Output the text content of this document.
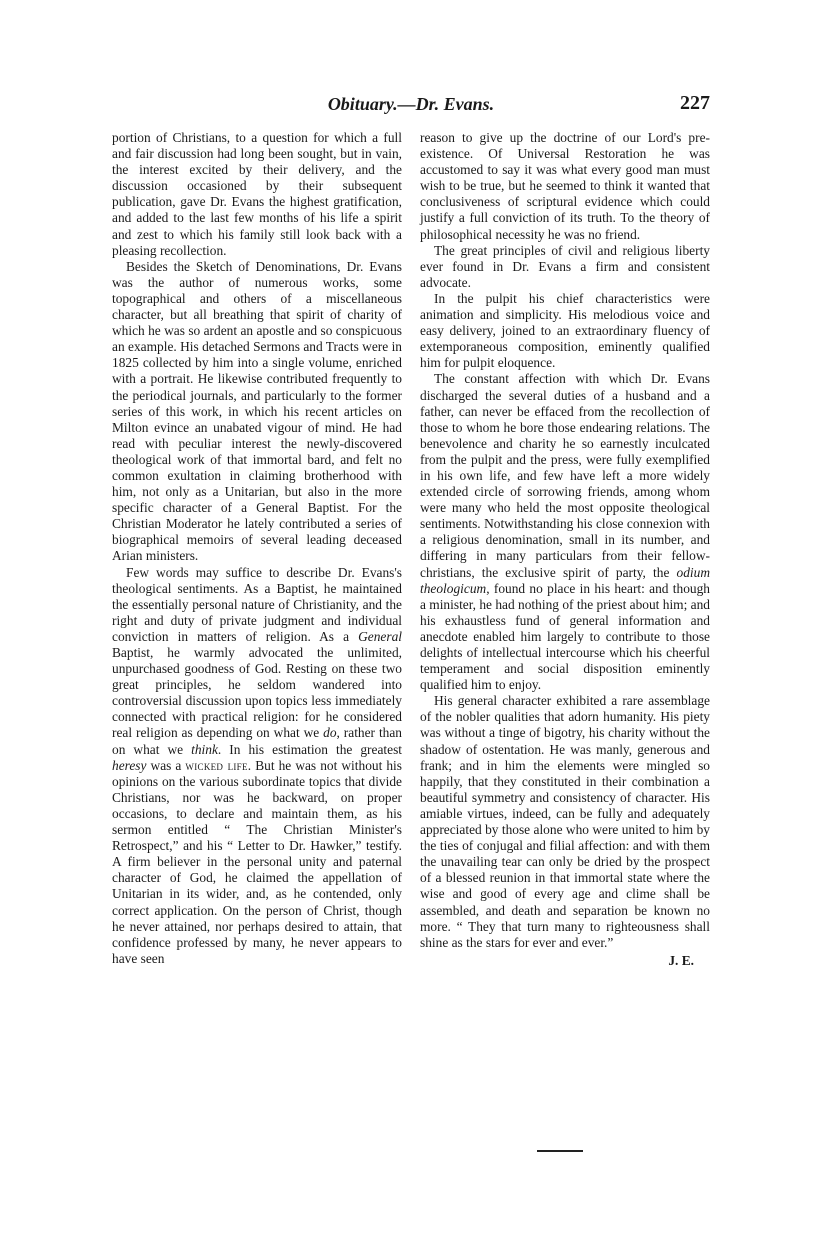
Obituary.—Dr. Evans.	227

portion of Christians, to a question for which a full and fair discussion had long been sought, but in vain, the interest excited by their delivery, and the discussion occasioned by their subsequent publication, gave Dr. Evans the highest gratification, and added to the last few months of his life a spirit and zest to which his family still look back with a pleasing recollection.

Besides the Sketch of Denominations, Dr. Evans was the author of numerous works, some topographical and others of a miscellaneous character, but all breathing that spirit of charity of which he was so ardent an apostle and so conspicuous an example. His detached Sermons and Tracts were in 1825 collected by him into a single volume, enriched with a portrait. He likewise contributed frequently to the periodical journals, and particularly to the former series of this work, in which his recent articles on Milton evince an unabated vigour of mind. He had read with peculiar interest the newly-discovered theological work of that immortal bard, and felt no common exultation in claiming brotherhood with him, not only as a Unitarian, but also in the more specific character of a General Baptist. For the Christian Moderator he lately contributed a series of biographical memoirs of several leading deceased Arian ministers.

Few words may suffice to describe Dr. Evans's theological sentiments. As a Baptist, he maintained the essentially personal nature of Christianity, and the right and duty of private judgment and individual conviction in matters of religion. As a General Baptist, he warmly advocated the unlimited, unpurchased goodness of God. Resting on these two great principles, he seldom wandered into controversial discussion upon topics less immediately connected with practical religion: for he considered real religion as depending on what we do, rather than on what we think. In his estimation the greatest heresy was a wicked life. But he was not without his opinions on the various subordinate topics that divide Christians, nor was he backward, on proper occasions, to declare and maintain them, as his sermon entitled “ The Christian Minister's Retrospect,” and his “ Letter to Dr. Hawker,” testify. A firm believer in the personal unity and paternal character of God, he claimed the appellation of Unitarian in its wider, and, as he contended, only correct application. On the person of Christ, though he never attained, nor perhaps desired to attain, that confidence professed by many, he never appears to have seen

reason to give up the doctrine of our Lord's pre-existence. Of Universal Restoration he was accustomed to say it was what every good man must wish to be true, but he seemed to think it wanted that conclusiveness of scriptural evidence which could justify a full conviction of its truth. To the theory of philosophical necessity he was no friend.

The great principles of civil and religious liberty ever found in Dr. Evans a firm and consistent advocate.

In the pulpit his chief characteristics were animation and simplicity. His melodious voice and easy delivery, joined to an extraordinary fluency of extemporaneous composition, eminently qualified him for pulpit eloquence.

The constant affection with which Dr. Evans discharged the several duties of a husband and a father, can never be effaced from the recollection of those to whom he bore those endearing relations. The benevolence and charity he so earnestly inculcated from the pulpit and the press, were fully exemplified in his own life, and few have left a more widely extended circle of sorrowing friends, among whom were many who held the most opposite theological sentiments. Notwithstanding his close connexion with a religious denomination, small in its number, and differing in many particulars from their fellow-christians, the exclusive spirit of party, the odium theologicum, found no place in his heart: and though a minister, he had nothing of the priest about him; and his exhaustless fund of general information and anecdote enabled him largely to contribute to those delights of intellectual intercourse which his cheerful temperament and social disposition eminently qualified him to enjoy.

His general character exhibited a rare assemblage of the nobler qualities that adorn humanity. His piety was without a tinge of bigotry, his charity without the shadow of ostentation. He was manly, generous and frank; and in him the elements were mingled so happily, that they constituted in their combination a beautiful symmetry and consistency of character. His amiable virtues, indeed, can be fully and adequately appreciated by those alone who were united to him by the ties of conjugal and filial affection: and with them the unavailing tear can only be dried by the prospect of a blessed reunion in that immortal state where the wise and good of every age and clime shall be assembled, and death and separation be known no more. “ They that turn many to righteousness shall shine as the stars for ever and ever.”

J. E.
